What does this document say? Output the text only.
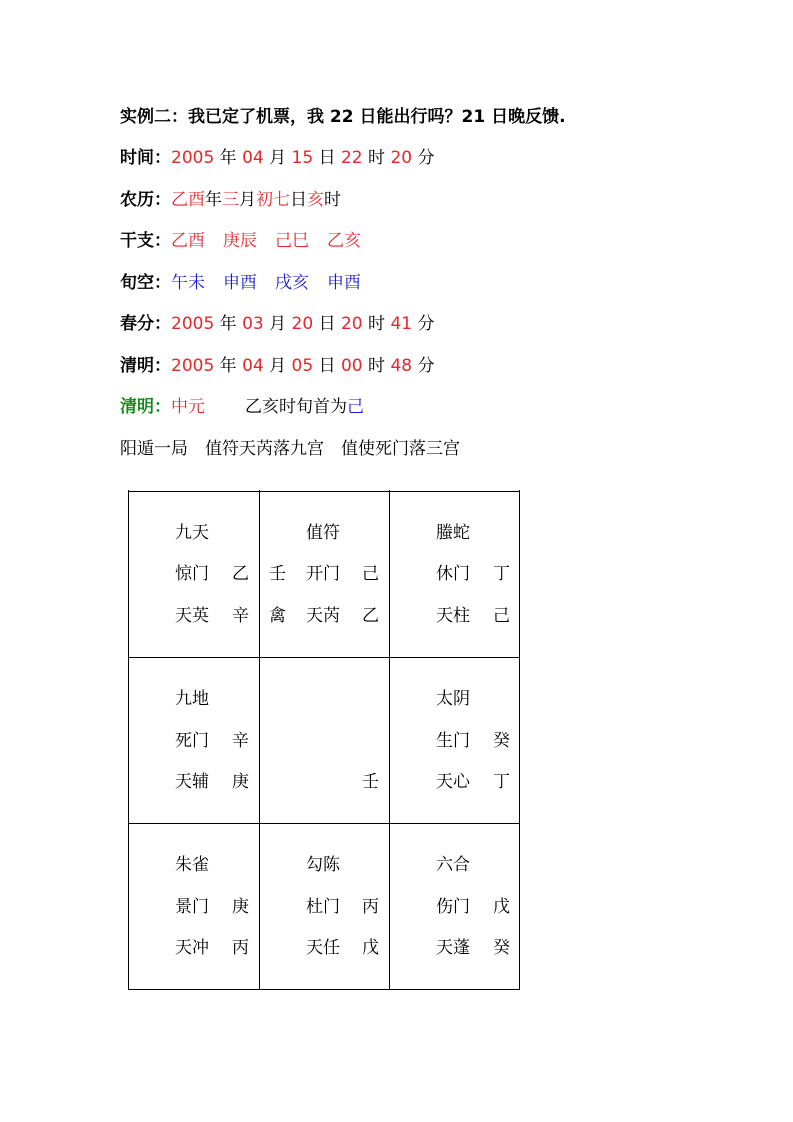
实例二：我已定了机票，我 22 日能出行吗？21 日晚反馈.
时间：2005 年 04 月 15 日 22 时 20 分
农历：乙酉年三月初七日亥时
干支：乙酉 庚辰 己巳 乙亥
旬空：午未 申酉 戌亥 申酉
春分：2005 年 03 月 20 日 20 时 41 分
清明：2005 年 04 月 05 日 00 时 48 分
清明：中元 乙亥时旬首为己
阳遁一局　值符天芮落九宫　值使死门落三宫
九天
惊门 乙
天英 辛
值符
壬 开门 己
禽 天芮 乙
螣蛇
休门 丁
天柱 己
九地
死门 辛
天辅 庚	壬
太阴
生门 癸
天心 丁
朱雀
景门 庚
天冲 丙
勾陈
杜门 丙
天任 戊
六合
伤门 戊
天蓬 癸
